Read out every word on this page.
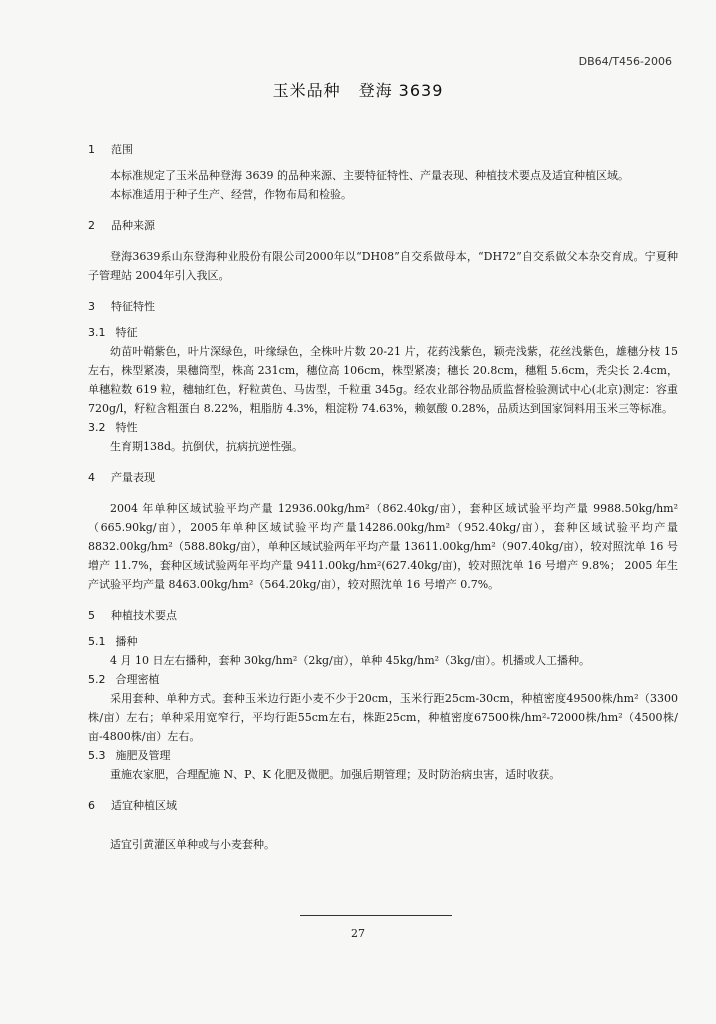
DB64/T456-2006
玉米品种 登海 3639
1 范围

本标准规定了玉米品种登海 3639 的品种来源、主要特征特性、产量表现、种植技术要点及适宜种植区域。

本标准适用于种子生产、经营，作物布局和检验。

2 品种来源

登海3639系山东登海种业股份有限公司2000年以“DH08”自交系做母本，“DH72”自交系做父本杂交育成。宁夏种子管理站 2004年引入我区。

3 特征特性
3.1 特征

幼苗叶鞘紫色，叶片深绿色，叶缘绿色，全株叶片数 20-21 片，花药浅紫色，颖壳浅紫，花丝浅紫色，雄穗分枝 15 左右，株型紧凑，果穗筒型，株高 231cm，穗位高 106cm，株型紧凑；穗长 20.8cm，穗粗 5.6cm，秃尖长 2.4cm，单穗粒数 619 粒，穗轴红色，籽粒黄色、马齿型，千粒重 345g。经农业部谷物品质监督检验测试中心(北京)测定：容重 720g/l，籽粒含粗蛋白 8.22%，粗脂肪 4.3%，粗淀粉 74.63%，赖氨酸 0.28%，品质达到国家饲料用玉米三等标准。

3.2 特性

生育期138d。抗倒伏，抗病抗逆性强。

4 产量表现

2004 年单种区域试验平均产量 12936.00kg/hm²（862.40kg/亩），套种区域试验平均产量 9988.50kg/hm²（665.90kg/亩），2005年单种区域试验平均产量14286.00kg/hm²（952.40kg/亩），套种区域试验平均产量 8832.00kg/hm²（588.80kg/亩），单种区域试验两年平均产量 13611.00kg/hm²（907.40kg/亩），较对照沈单 16 号增产 11.7%，套种区域试验两年平均产量 9411.00kg/hm²(627.40kg/亩)，较对照沈单 16 号增产 9.8%； 2005 年生产试验平均产量 8463.00kg/hm²（564.20kg/亩），较对照沈单 16 号增产 0.7%。

5 种植技术要点
5.1 播种

4 月 10 日左右播种，套种 30kg/hm²（2kg/亩），单种 45kg/hm²（3kg/亩）。机播或人工播种。

5.2 合理密植

采用套种、单种方式。套种玉米边行距小麦不少于20cm，玉米行距25cm-30cm，种植密度49500株/hm²（3300株/亩）左右；单种采用宽窄行，平均行距55cm左右，株距25cm，种植密度67500株/hm²-72000株/hm²（4500株/亩-4800株/亩）左右。

5.3 施肥及管理

重施农家肥，合理配施 N、P、K 化肥及微肥。加强后期管理；及时防治病虫害，适时收获。

6 适宜种植区域

适宜引黄灌区单种或与小麦套种。

27
